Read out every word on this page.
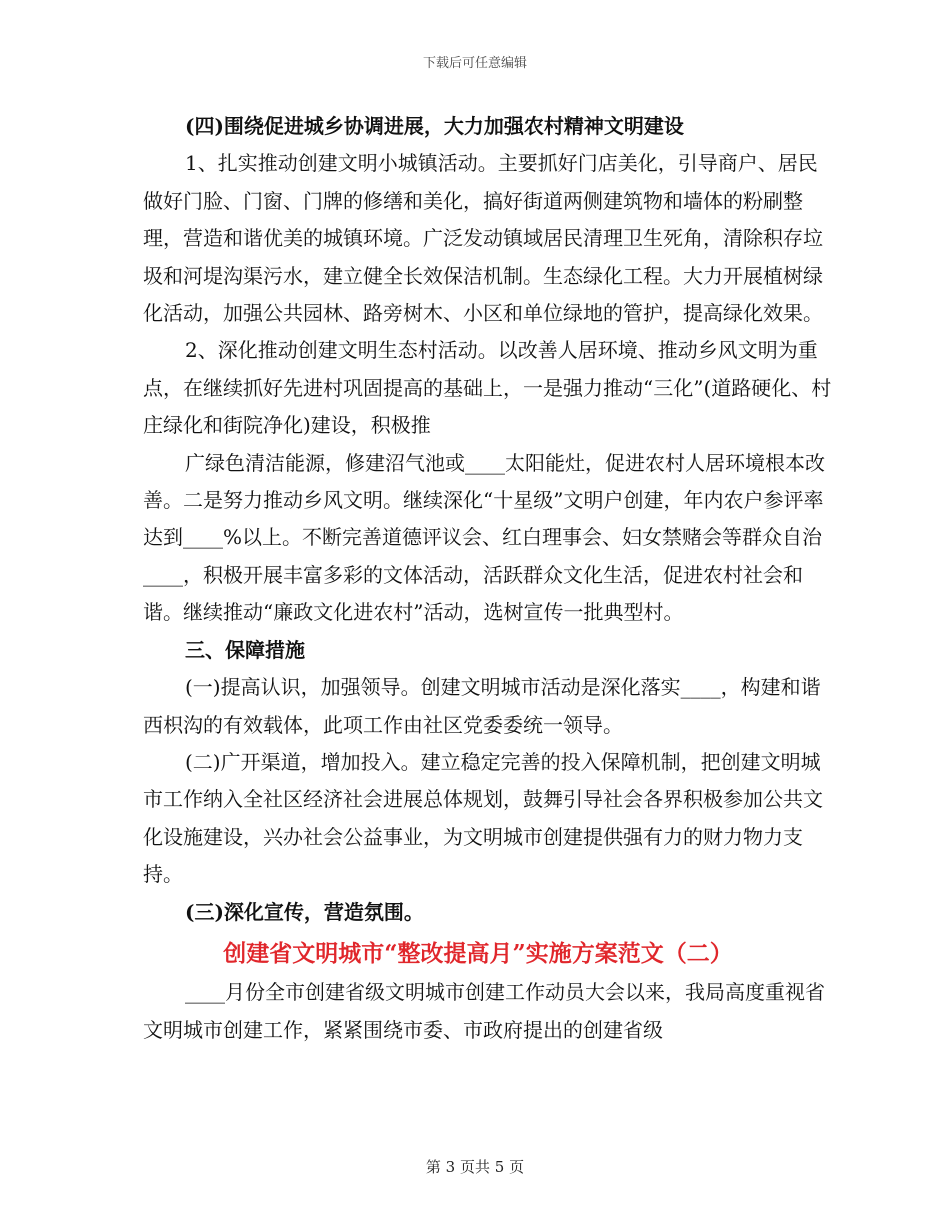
下载后可任意编辑

(四)围绕促进城乡协调进展，大力加强农村精神文明建设

1、扎实推动创建文明小城镇活动。主要抓好门店美化，引导商户、居民做好门脸、门窗、门牌的修缮和美化，搞好街道两侧建筑物和墙体的粉刷整理，营造和谐优美的城镇环境。广泛发动镇域居民清理卫生死角，清除积存垃圾和河堤沟渠污水，建立健全长效保洁机制。生态绿化工程。大力开展植树绿化活动，加强公共园林、路旁树木、小区和单位绿地的管护，提高绿化效果。

2、深化推动创建文明生态村活动。以改善人居环境、推动乡风文明为重点，在继续抓好先进村巩固提高的基础上，一是强力推动“三化”(道路硬化、村庄绿化和街院净化)建设，积极推

广绿色清洁能源，修建沼气池或____太阳能灶，促进农村人居环境根本改善。二是努力推动乡风文明。继续深化“十星级”文明户创建，年内农户参评率达到____%以上。不断完善道德评议会、红白理事会、妇女禁赌会等群众自治____，积极开展丰富多彩的文体活动，活跃群众文化生活，促进农村社会和谐。继续推动“廉政文化进农村”活动，选树宣传一批典型村。

三、保障措施

(一)提高认识，加强领导。创建文明城市活动是深化落实____，构建和谐西枳沟的有效载体，此项工作由社区党委委统一领导。

(二)广开渠道，增加投入。建立稳定完善的投入保障机制，把创建文明城市工作纳入全社区经济社会进展总体规划，鼓舞引导社会各界积极参加公共文化设施建设，兴办社会公益事业，为文明城市创建提供强有力的财力物力支持。

(三)深化宣传，营造氛围。

创建省文明城市“整改提高月”实施方案范文（二）

____月份全市创建省级文明城市创建工作动员大会以来，我局高度重视省文明城市创建工作，紧紧围绕市委、市政府提出的创建省级

第 3 页共 5 页
